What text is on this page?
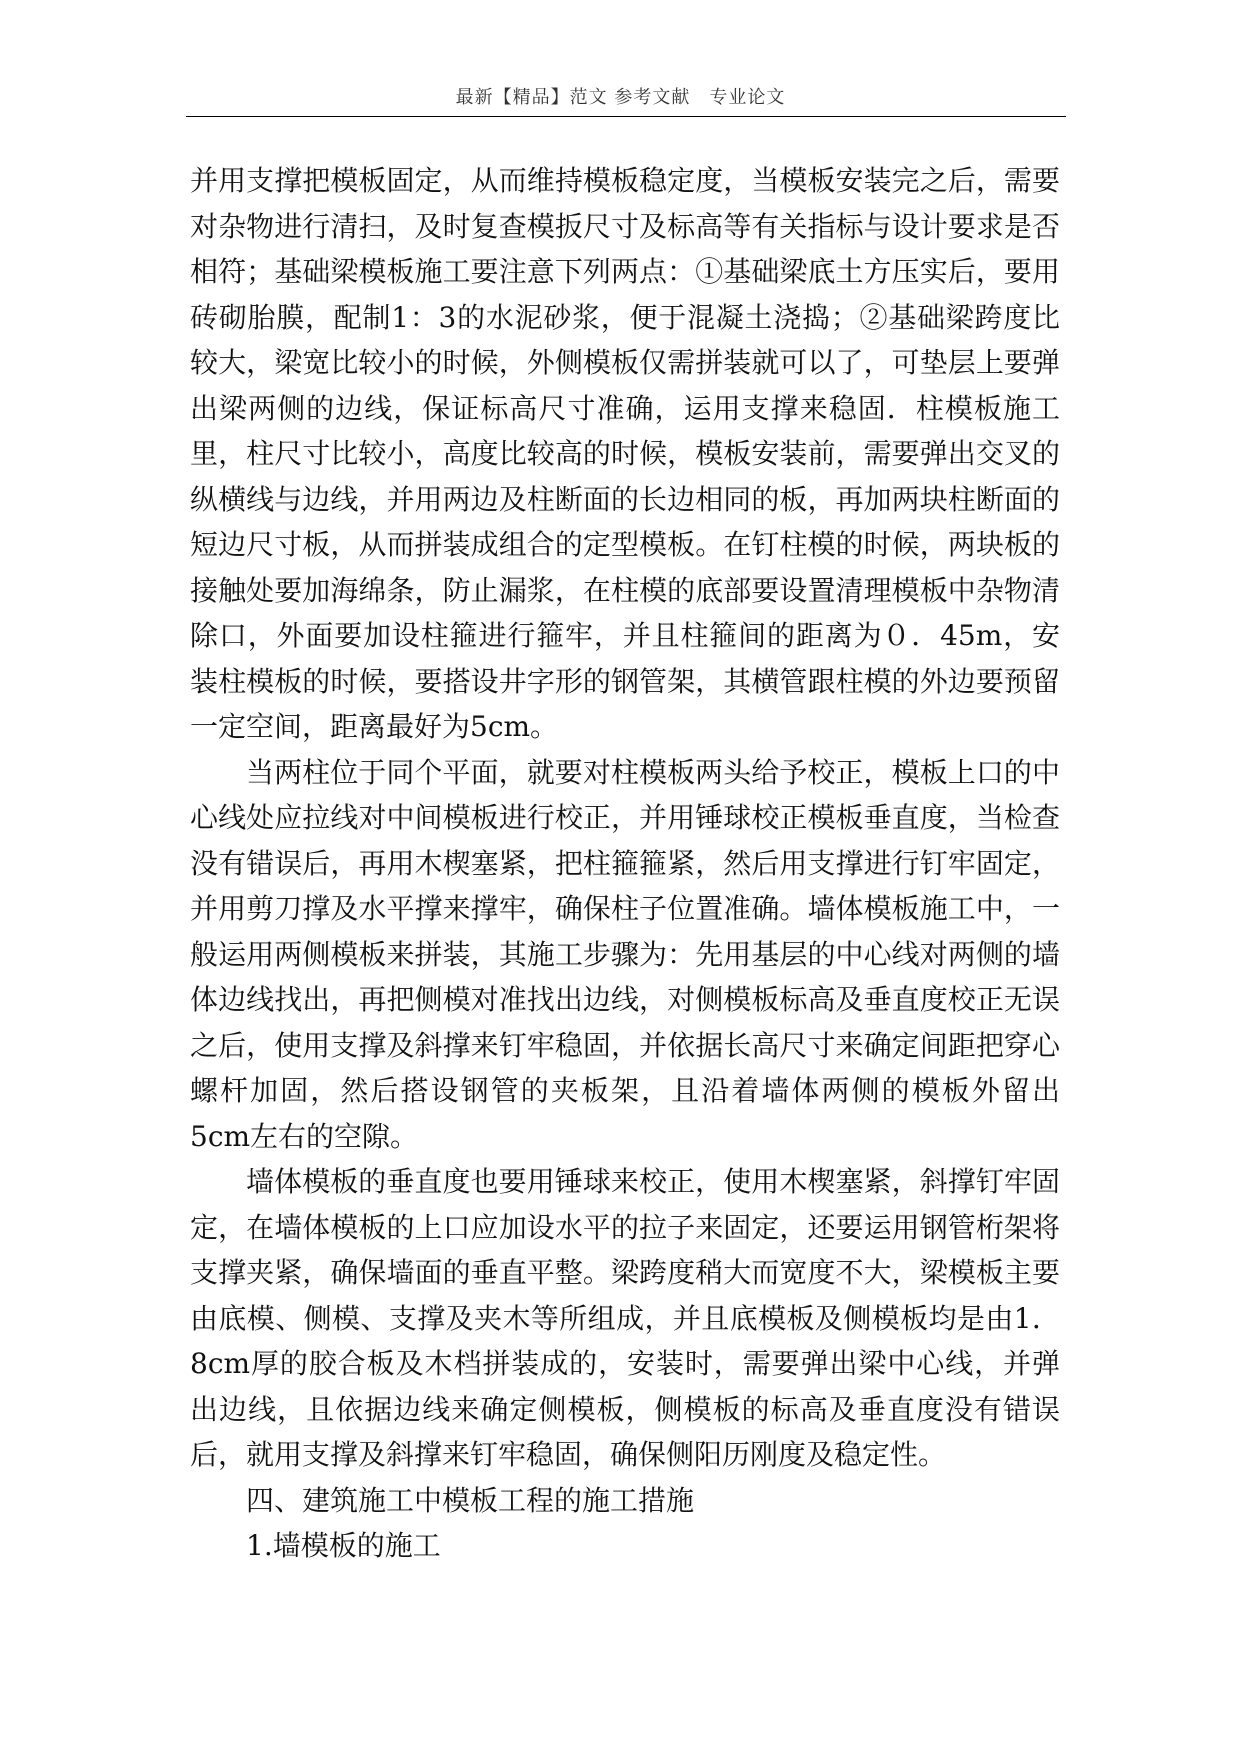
最新【精品】范文 参考文献　专业论文

并用支撑把模板固定，从而维持模板稳定度，当模板安装完之后，需要对杂物进行清扫，及时复查模扳尺寸及标高等有关指标与设计要求是否相符；基础梁模板施工要注意下列两点：①基础梁底土方压实后，要用砖砌胎膜，配制1：3的水泥砂浆，便于混凝土浇捣；②基础梁跨度比较大，梁宽比较小的时候，外侧模板仅需拼装就可以了，可垫层上要弹出梁两侧的边线，保证标高尺寸准确，运用支撑来稳固．柱模板施工里，柱尺寸比较小，高度比较高的时候，模板安装前，需要弹出交叉的纵横线与边线，并用两边及柱断面的长边相同的板，再加两块柱断面的短边尺寸板，从而拼装成组合的定型模板。在钉柱模的时候，两块板的接触处要加海绵条，防止漏浆，在柱模的底部要设置清理模板中杂物清除口，外面要加设柱箍进行箍牢，并且柱箍间的距离为０．45m，安装柱模板的时候，要搭设井字形的钢管架，其横管跟柱模的外边要预留一定空间，距离最好为5cm。

当两柱位于同个平面，就要对柱模板两头给予校正，模板上口的中心线处应拉线对中间模板进行校正，并用锤球校正模板垂直度，当检查没有错误后，再用木楔塞紧，把柱箍箍紧，然后用支撑进行钉牢固定，并用剪刀撑及水平撑来撑牢，确保柱子位置准确。墙体模板施工中，一般运用两侧模板来拼装，其施工步骤为：先用基层的中心线对两侧的墙体边线找出，再把侧模对准找出边线，对侧模板标高及垂直度校正无误之后，使用支撑及斜撑来钉牢稳固，并依据长高尺寸来确定间距把穿心螺杆加固，然后搭设钢管的夹板架，且沿着墙体两侧的模板外留出5cm左右的空隙。

墙体模板的垂直度也要用锤球来校正，使用木楔塞紧，斜撑钉牢固定，在墙体模板的上口应加设水平的拉子来固定，还要运用钢管桁架将支撑夹紧，确保墙面的垂直平整。梁跨度稍大而宽度不大，梁模板主要由底模、侧模、支撑及夹木等所组成，并且底模板及侧模板均是由1．8cm厚的胶合板及木档拼装成的，安装时，需要弹出梁中心线，并弹出边线，且依据边线来确定侧模板，侧模板的标高及垂直度没有错误后，就用支撑及斜撑来钉牢稳固，确保侧阳历刚度及稳定性。

四、建筑施工中模板工程的施工措施

1.墙模板的施工
